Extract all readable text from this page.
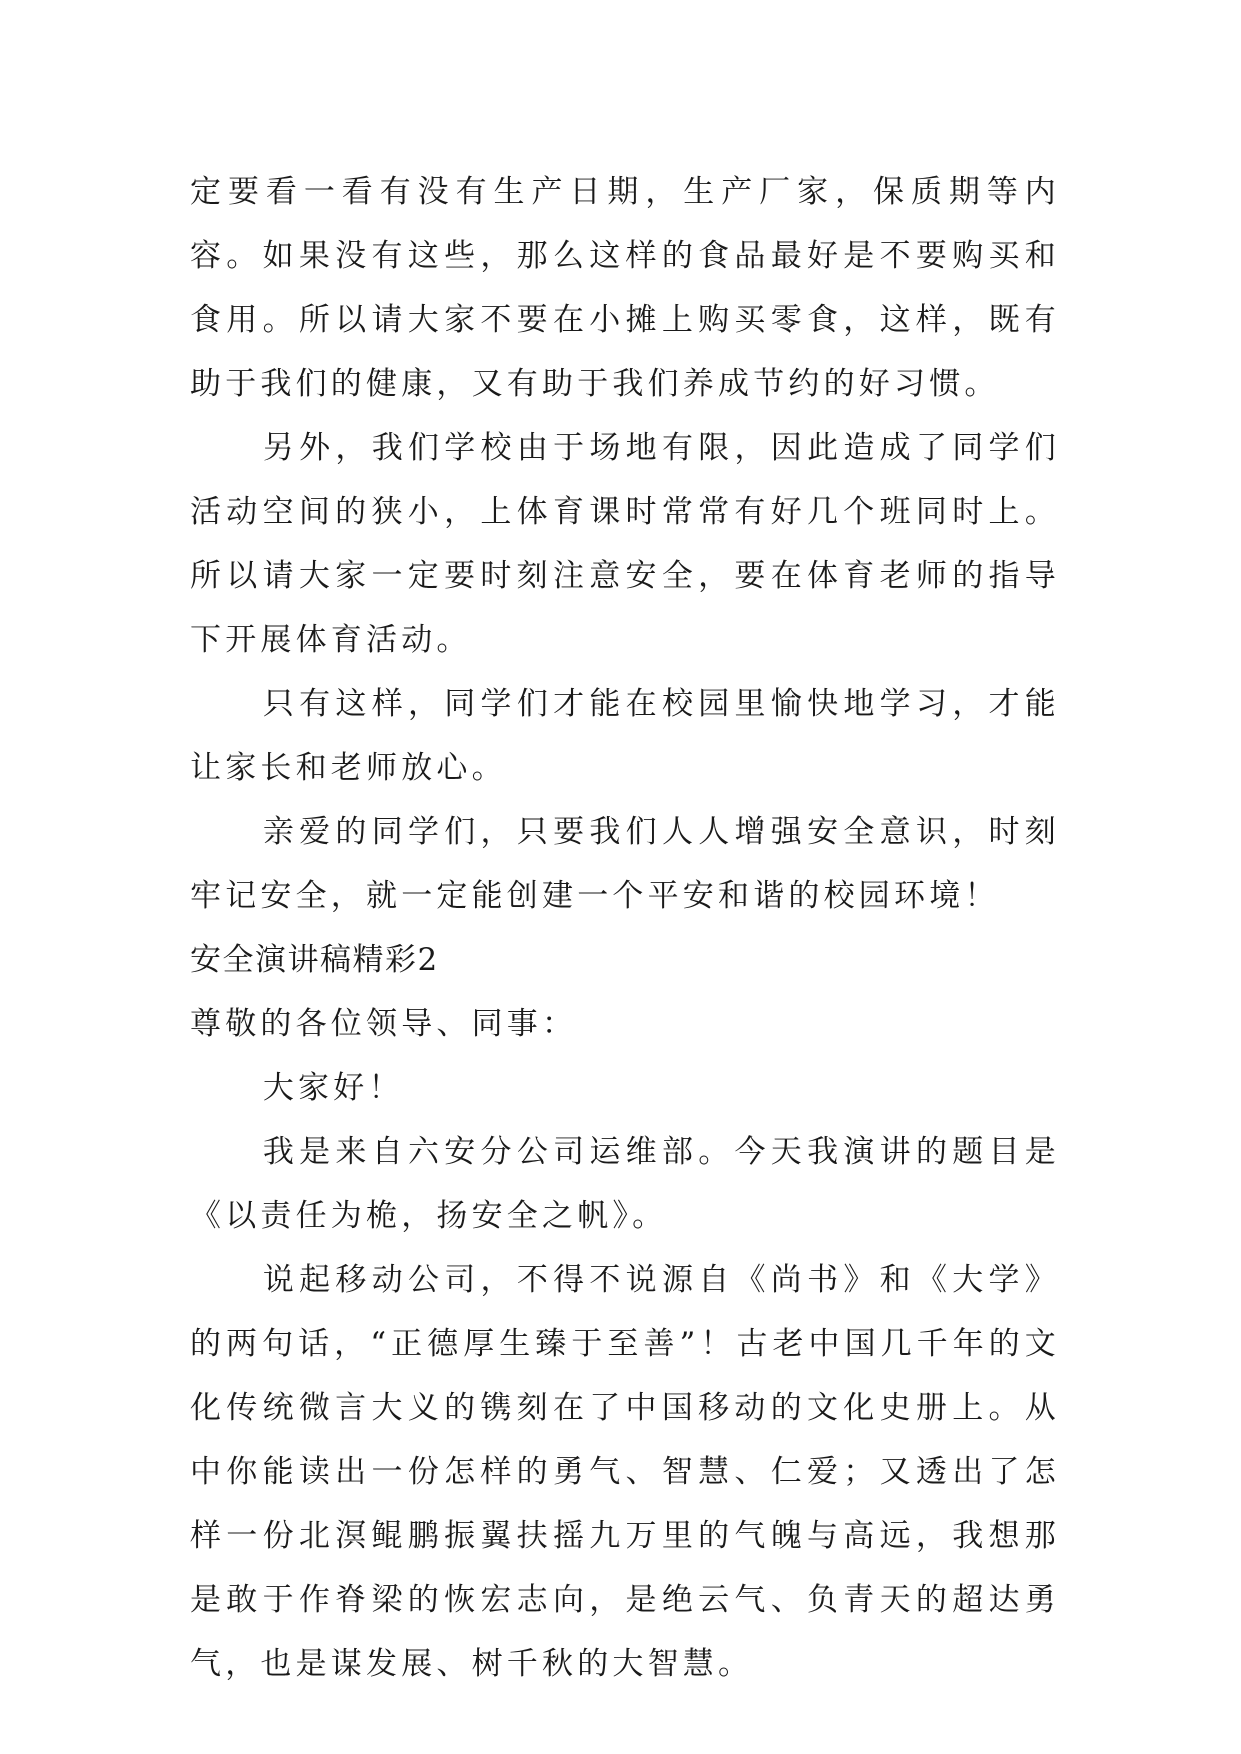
定要看一看有没有生产日期，生产厂家，保质期等内容。如果没有这些，那么这样的食品最好是不要购买和食用。所以请大家不要在小摊上购买零食，这样，既有助于我们的健康，又有助于我们养成节约的好习惯。

另外，我们学校由于场地有限，因此造成了同学们活动空间的狭小，上体育课时常常有好几个班同时上。所以请大家一定要时刻注意安全，要在体育老师的指导下开展体育活动。

只有这样，同学们才能在校园里愉快地学习，才能让家长和老师放心。

亲爱的同学们，只要我们人人增强安全意识，时刻牢记安全，就一定能创建一个平安和谐的校园环境！

安全演讲稿精彩2

尊敬的各位领导、同事：

大家好！

我是来自六安分公司运维部。今天我演讲的题目是《以责任为桅，扬安全之帆》。

说起移动公司，不得不说源自《尚书》和《大学》的两句话，“正德厚生臻于至善”！古老中国几千年的文化传统微言大义的镌刻在了中国移动的文化史册上。从中你能读出一份怎样的勇气、智慧、仁爱；又透出了怎样一份北溟鲲鹏振翼扶摇九万里的气魄与高远，我想那是敢于作脊梁的恢宏志向，是绝云气、负青天的超达勇气，也是谋发展、树千秋的大智慧。
